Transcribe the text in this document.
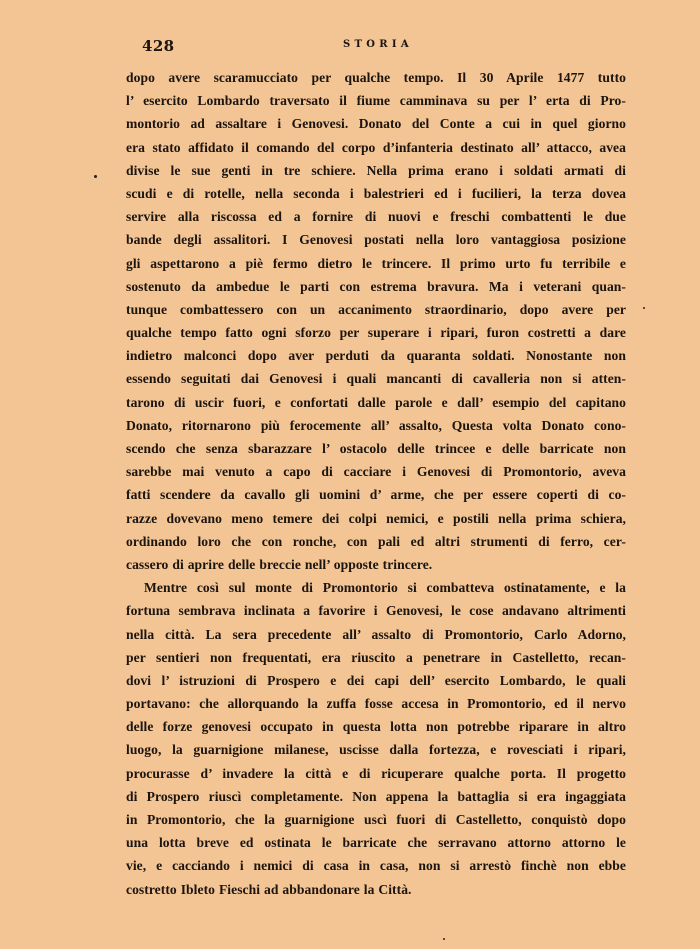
428	STORIA
dopo avere scaramucciato per qualche tempo. Il 30 Aprile 1477 tutto
l’ esercito Lombardo traversato il fiume camminava su per l’ erta di Pro-
montorio ad assaltare i Genovesi. Donato del Conte a cui in quel giorno
era stato affidato il comando del corpo d’infanteria destinato all’ attacco, avea
divise le sue genti in tre schiere. Nella prima erano i soldati armati di
scudi e di rotelle, nella seconda i balestrieri ed i fucilieri, la terza dovea
servire alla riscossa ed a fornire di nuovi e freschi combattenti le due
bande degli assalitori. I Genovesi postati nella loro vantaggiosa posizione
gli aspettarono a piè fermo dietro le trincere. Il primo urto fu terribile e
sostenuto da ambedue le parti con estrema bravura. Ma i veterani quan-
tunque combattessero con un accanimento straordinario, dopo avere per
qualche tempo fatto ogni sforzo per superare i ripari, furon costretti a dare
indietro malconci dopo aver perduti da quaranta soldati. Nonostante non
essendo seguitati dai Genovesi i quali mancanti di cavalleria non si atten-
tarono di uscir fuori, e confortati dalle parole e dall’ esempio del capitano
Donato, ritornarono più ferocemente all’ assalto, Questa volta Donato cono-
scendo che senza sbarazzare l’ ostacolo delle trincee e delle barricate non
sarebbe mai venuto a capo di cacciare i Genovesi di Promontorio, aveva
fatti scendere da cavallo gli uomini d’ arme, che per essere coperti di co-
razze dovevano meno temere dei colpi nemici, e postili nella prima schiera,
ordinando loro che con ronche, con pali ed altri strumenti di ferro, cer-
cassero di aprire delle breccie nell’ opposte trincere.
Mentre così sul monte di Promontorio si combatteva ostinatamente, e la
fortuna sembrava inclinata a favorire i Genovesi, le cose andavano altrimenti
nella città. La sera precedente all’ assalto di Promontorio, Carlo Adorno,
per sentieri non frequentati, era riuscito a penetrare in Castelletto, recan-
dovi l’ istruzioni di Prospero e dei capi dell’ esercito Lombardo, le quali
portavano: che allorquando la zuffa fosse accesa in Promontorio, ed il nervo
delle forze genovesi occupato in questa lotta non potrebbe riparare in altro
luogo, la guarnigione milanese, uscisse dalla fortezza, e rovesciati i ripari,
procurasse d’ invadere la città e di ricuperare qualche porta. Il progetto
di Prospero riuscì completamente. Non appena la battaglia si era ingaggiata
in Promontorio, che la guarnigione uscì fuori di Castelletto, conquistò dopo
una lotta breve ed ostinata le barricate che serravano attorno attorno le
vie, e cacciando i nemici di casa in casa, non si arrestò finchè non ebbe
costretto Ibleto Fieschi ad abbandonare la Città.
